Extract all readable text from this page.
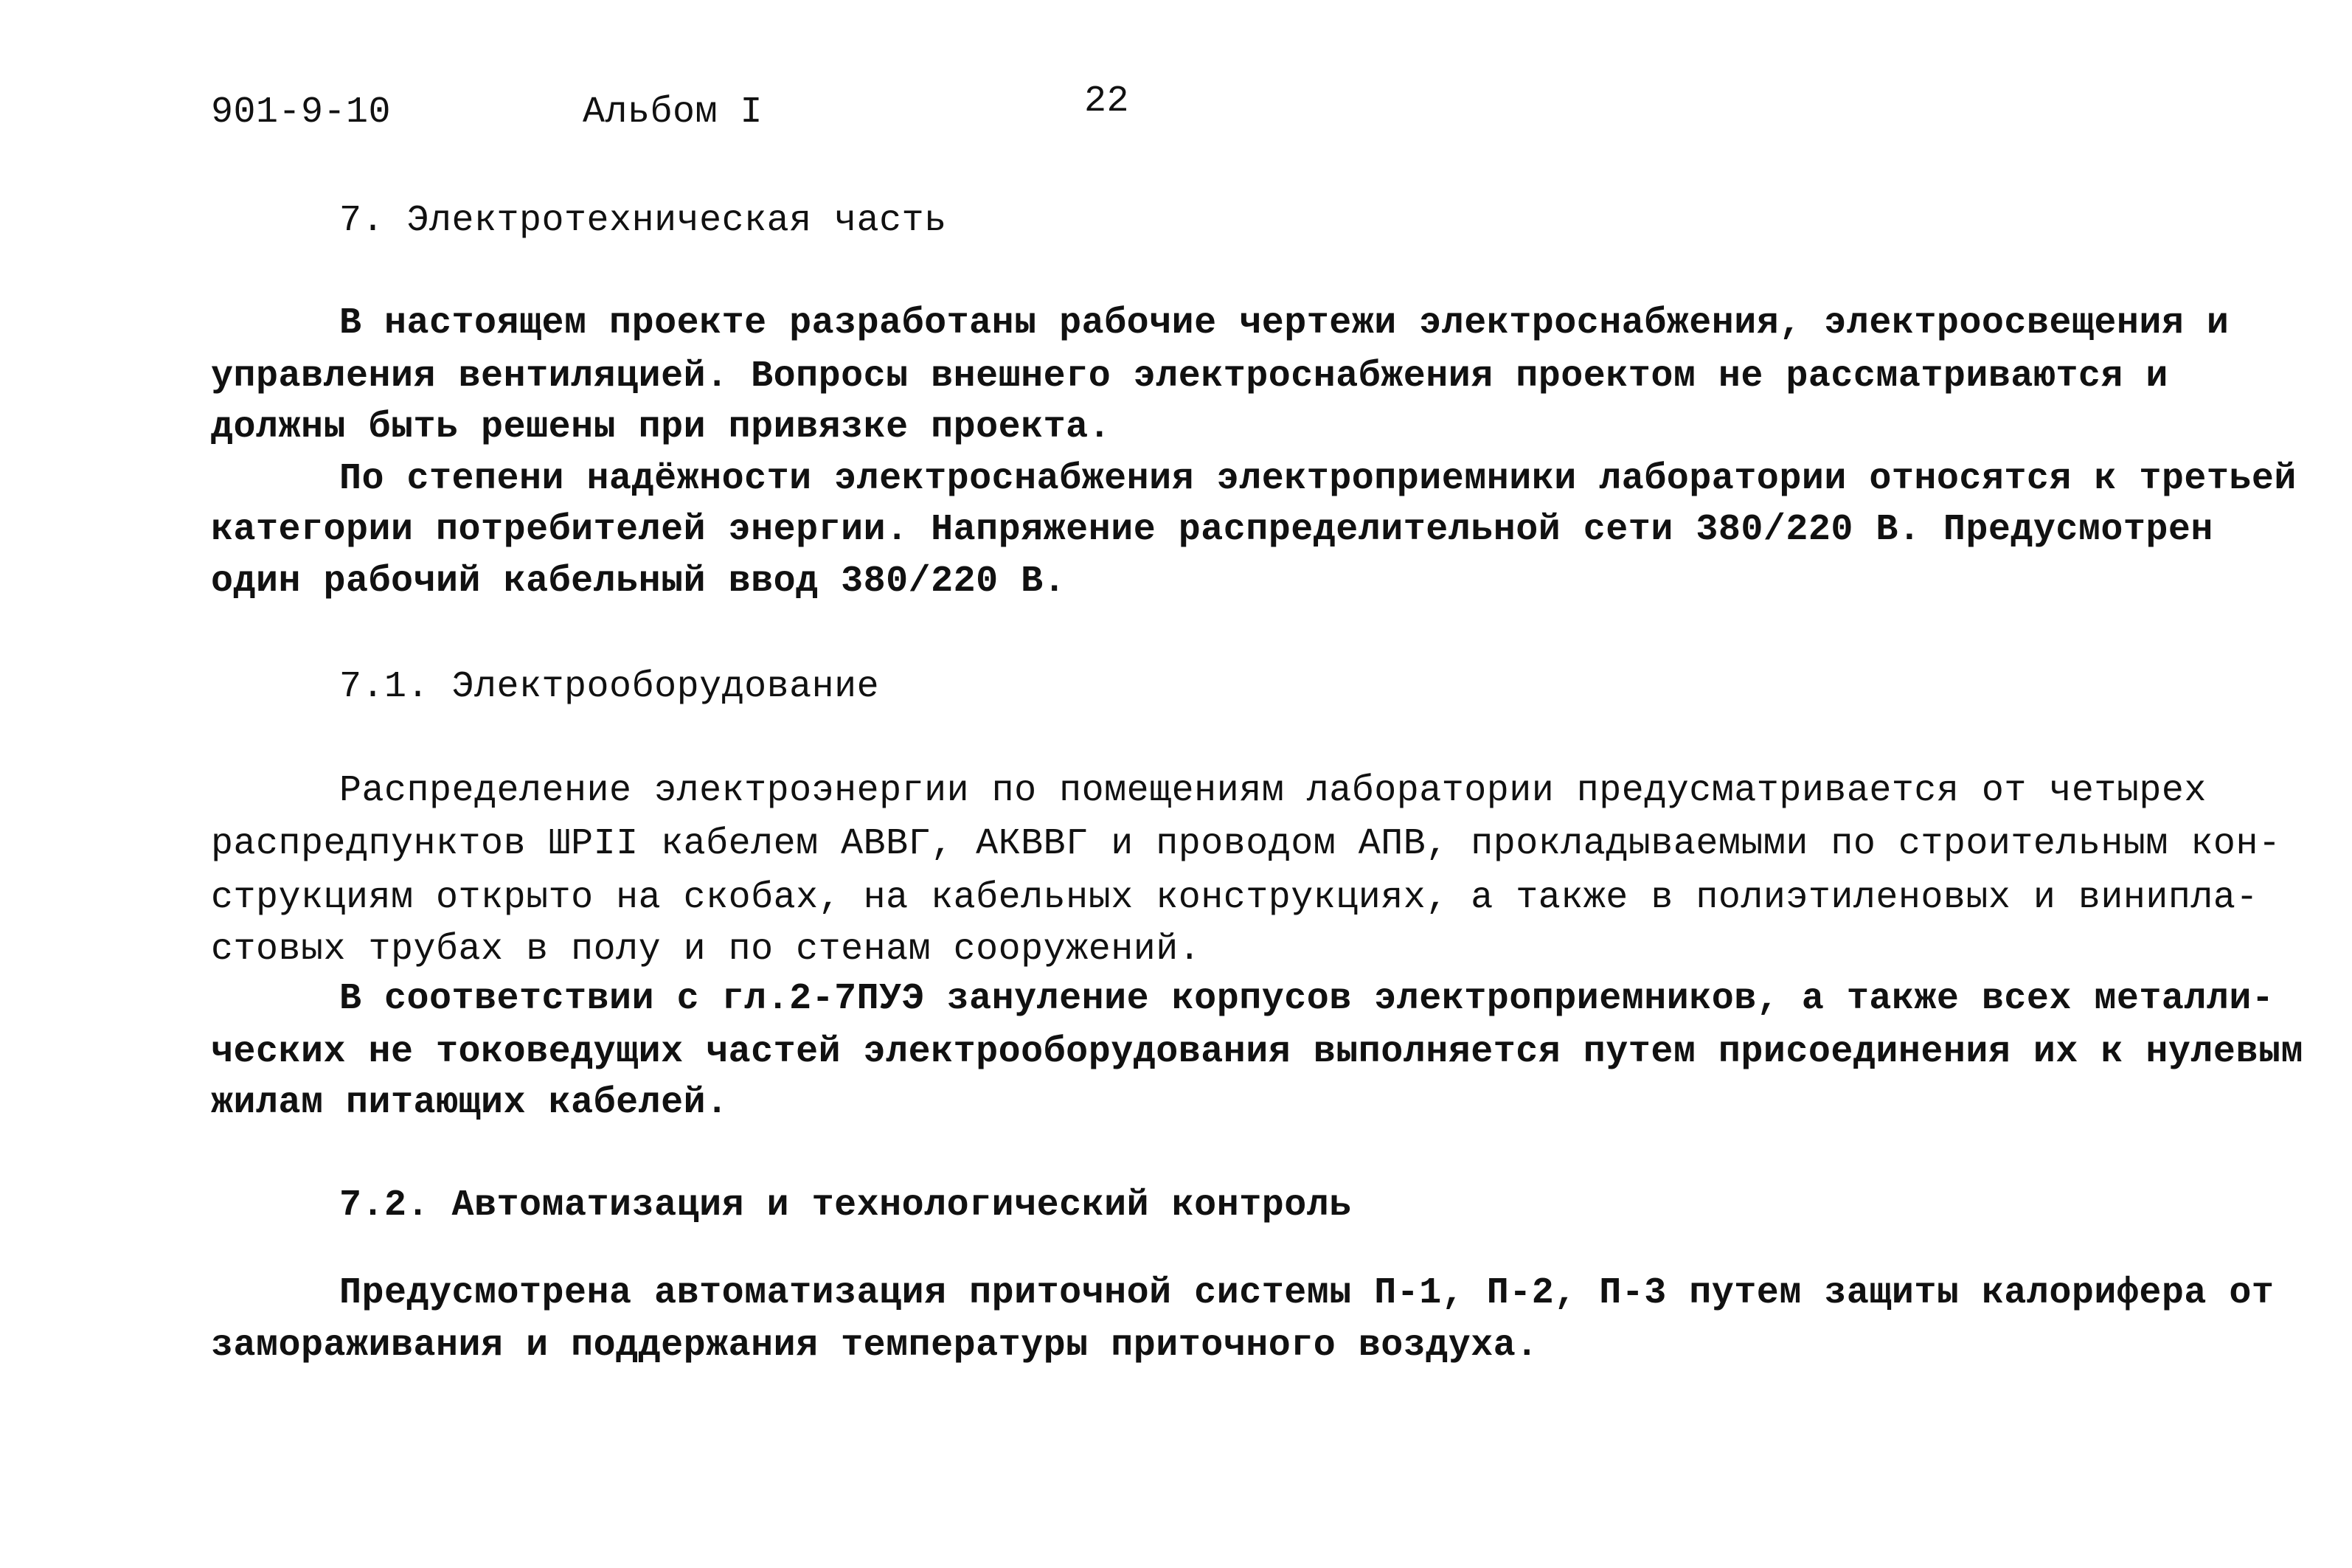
901-9-10	Альбом I	22
7. Электротехническая часть
В настоящем проекте разработаны рабочие чертежи электроснабжения, электроосвещения и
управления вентиляцией. Вопросы внешнего электроснабжения проектом не рассматриваются и
должны быть решены при привязке проекта.
По степени надёжности электроснабжения электроприемники лаборатории относятся к третьей
категории потребителей энергии. Напряжение распределительной сети 380/220 В. Предусмотрен
один рабочий кабельный ввод 380/220 В.
7.1. Электрооборудование
Распределение электроэнергии по помещениям лаборатории предусматривается от четырех
распредпунктов ШРII кабелем АВВГ, АКВВГ и проводом АПВ, прокладываемыми по строительным кон-
струкциям открыто на скобах, на кабельных конструкциях, а также в полиэтиленовых и винипла-
стовых трубах в полу и по стенам сооружений.
В соответствии с гл.2-7ПУЭ зануление корпусов электроприемников, а также всех металли-
ческих не токоведущих частей электрооборудования выполняется путем присоединения их к нулевым
жилам питающих кабелей.
7.2. Автоматизация и технологический контроль
Предусмотрена автоматизация приточной системы П-1, П-2, П-3 путем защиты калорифера от
замораживания и поддержания температуры приточного воздуха.
